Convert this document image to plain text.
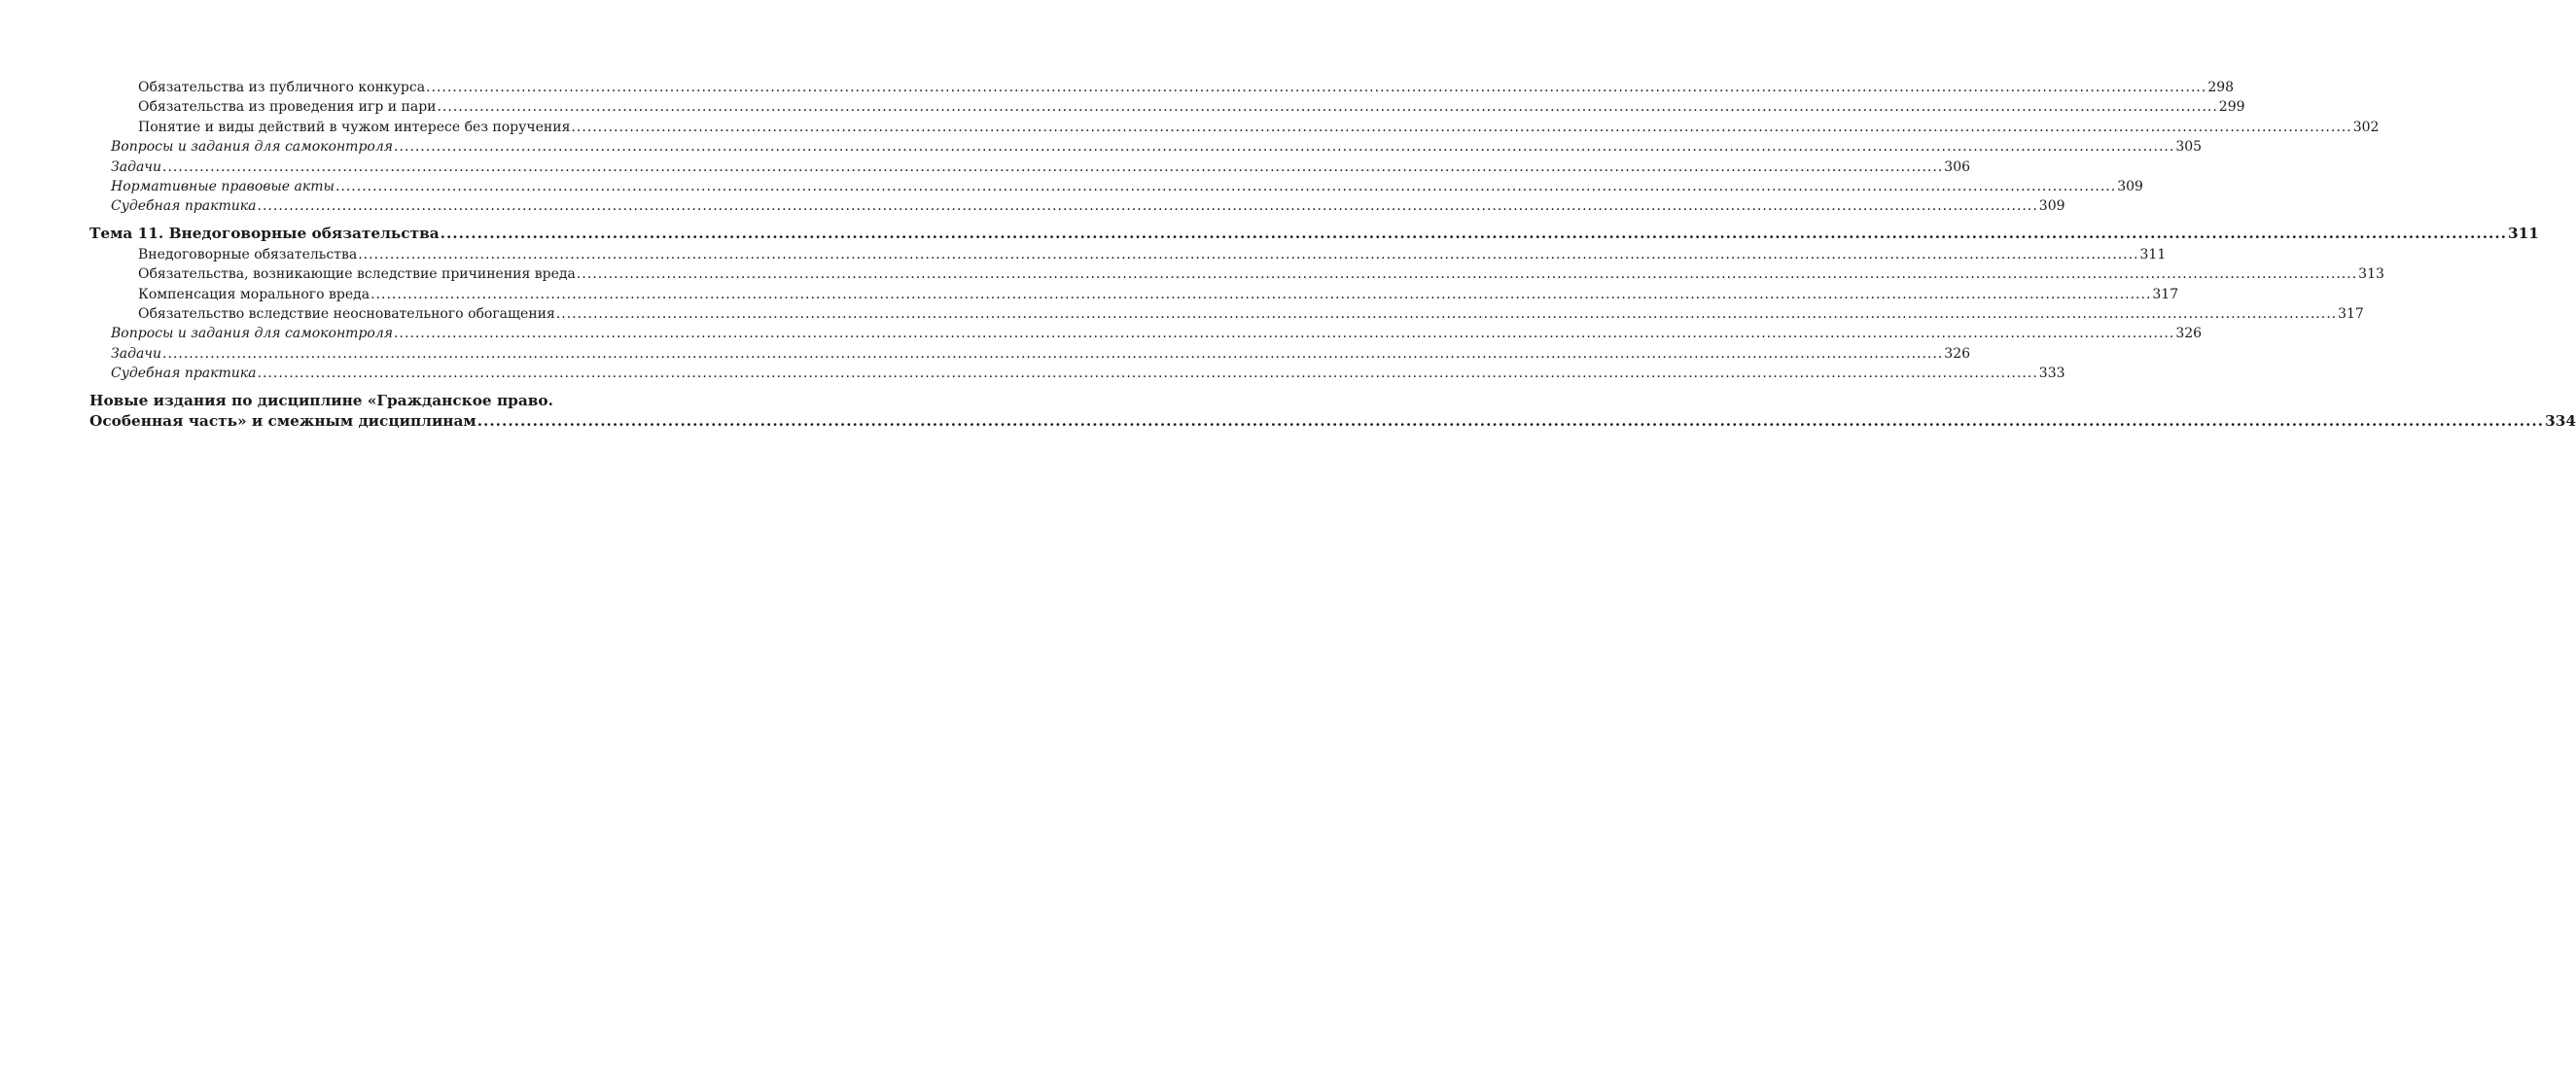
Обязательства из публичного конкурса .....	298
Обязательства из проведения игр и пари .....	299
Понятие и виды действий в чужом интересе без поручения .....	302
Вопросы и задания для самоконтроля .....	305
Задачи .....	306
Нормативные правовые акты .....	309
Судебная практика .....	309
Тема 11. Внедоговорные обязательства .....	311
Внедоговорные обязательства .....	311
Обязательства, возникающие вследствие причинения вреда .....	313
Компенсация морального вреда .....	317
Обязательство вследствие неосновательного обогащения .....	317
Вопросы и задания для самоконтроля .....	326
Задачи .....	326
Судебная практика .....	333
Новые издания по дисциплине «Гражданское право.
Особенная часть» и смежным дисциплинам .....	334
